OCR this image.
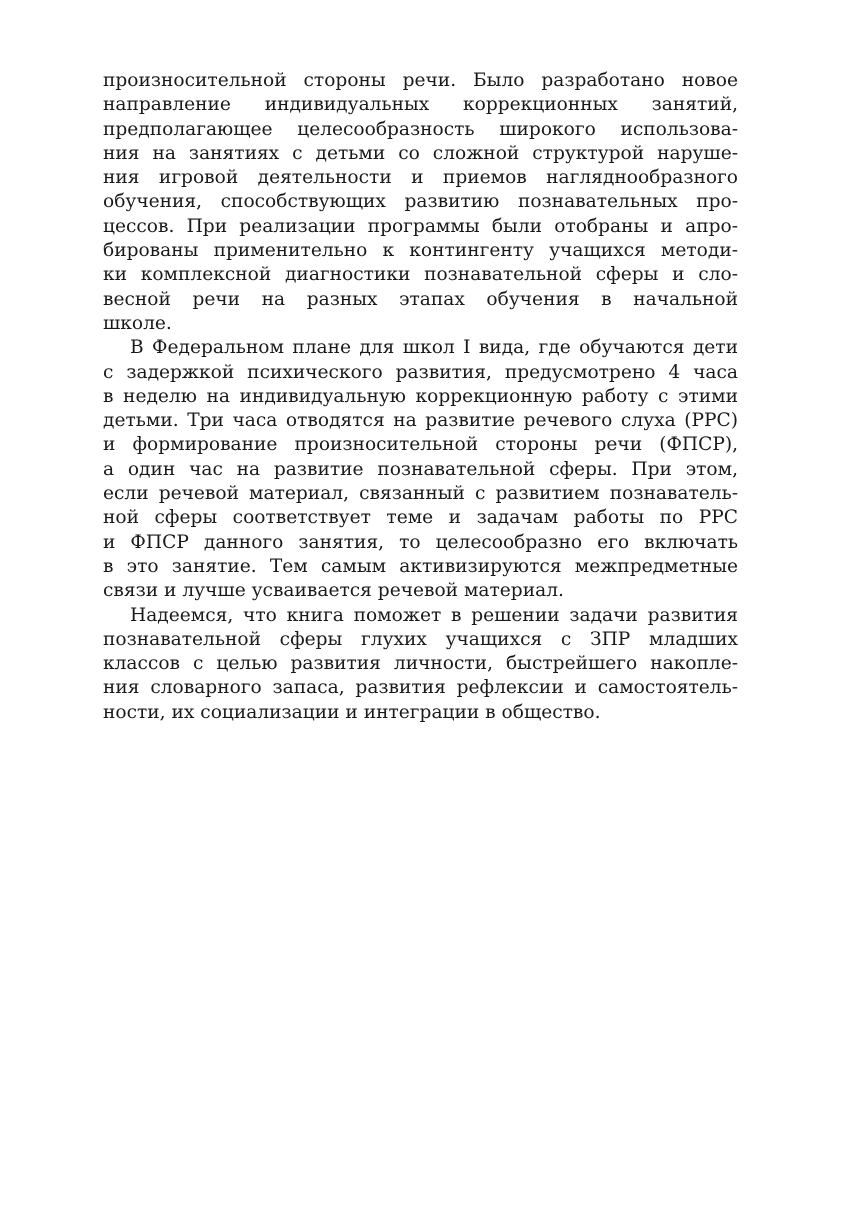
произносительной стороны речи. Было разработано новое
направление индивидуальных коррекционных занятий,
предполагающее целесообразность широкого использова-
ния на занятиях с детьми со сложной структурой наруше-
ния игровой деятельности и приемов нагляднообразного
обучения, способствующих развитию познавательных про-
цессов. При реализации программы были отобраны и апро-
бированы применительно к контингенту учащихся методи-
ки комплексной диагностики познавательной сферы и сло-
весной речи на разных этапах обучения в начальной
школе.
В Федеральном плане для школ I вида, где обучаются дети
с задержкой психического развития, предусмотрено 4 часа
в неделю на индивидуальную коррекционную работу с этими
детьми. Три часа отводятся на развитие речевого слуха (РРС)
и формирование произносительной стороны речи (ФПСР),
а один час на развитие познавательной сферы. При этом,
если речевой материал, связанный с развитием познаватель-
ной сферы соответствует теме и задачам работы по РРС
и ФПСР данного занятия, то целесообразно его включать
в это занятие. Тем самым активизируются межпредметные
связи и лучше усваивается речевой материал.
Надеемся, что книга поможет в решении задачи развития
познавательной сферы глухих учащихся с ЗПР младших
классов с целью развития личности, быстрейшего накопле-
ния словарного запаса, развития рефлексии и самостоятель-
ности, их социализации и интеграции в общество.
